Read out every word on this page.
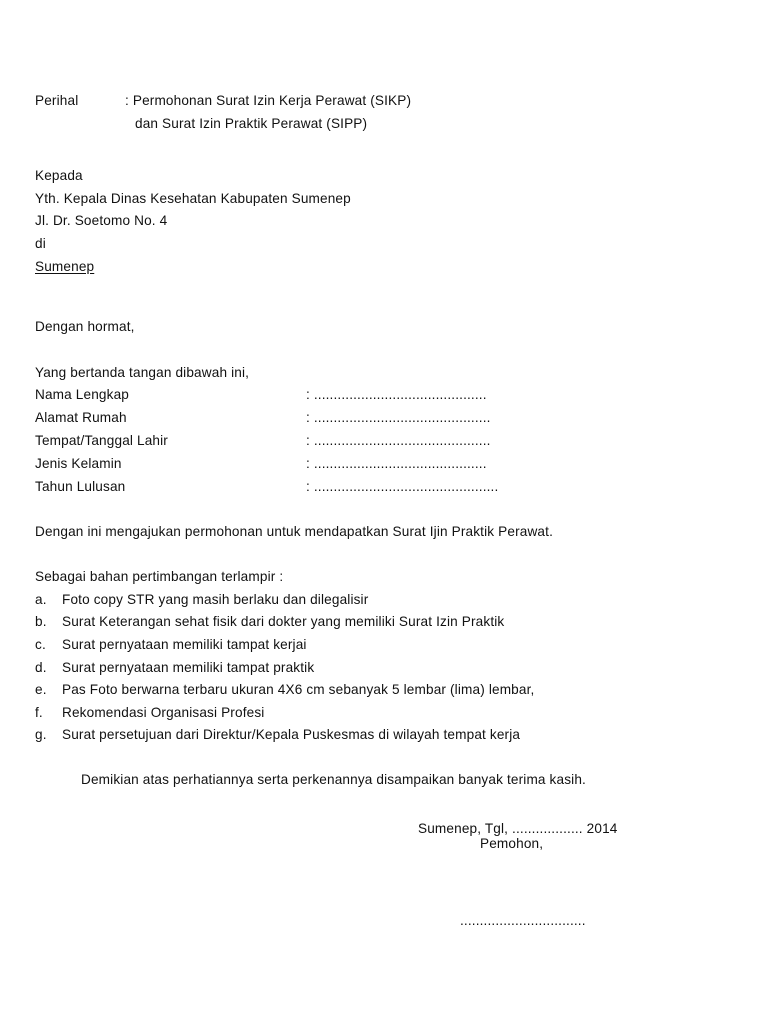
Perihal	: Permohonan Surat Izin Kerja Perawat (SIKP)
dan Surat Izin Praktik Perawat (SIPP)
Kepada
Yth. Kepala Dinas Kesehatan Kabupaten Sumenep
Jl. Dr. Soetomo No. 4
di
Sumenep
Dengan hormat,
Yang bertanda tangan dibawah ini,
Nama Lengkap	: ............................................
Alamat Rumah	: .............................................
Tempat/Tanggal Lahir	: .............................................
Jenis Kelamin	: ............................................
Tahun Lulusan	: ...............................................
Dengan ini mengajukan permohonan untuk mendapatkan Surat Ijin Praktik Perawat.
Sebagai bahan pertimbangan terlampir :
a. Foto copy STR yang masih berlaku dan dilegalisir
b. Surat Keterangan sehat fisik dari dokter yang memiliki Surat Izin Praktik
c. Surat pernyataan memiliki tampat kerjai
d. Surat pernyataan memiliki tampat praktik
e. Pas Foto berwarna terbaru ukuran 4X6 cm sebanyak 5 lembar (lima) lembar,
f. Rekomendasi Organisasi Profesi
g. Surat persetujuan dari Direktur/Kepala Puskesmas di wilayah tempat kerja
Demikian atas perhatiannya serta perkenannya disampaikan banyak terima kasih.
Sumenep, Tgl, .................. 2014
Pemohon,
................................
